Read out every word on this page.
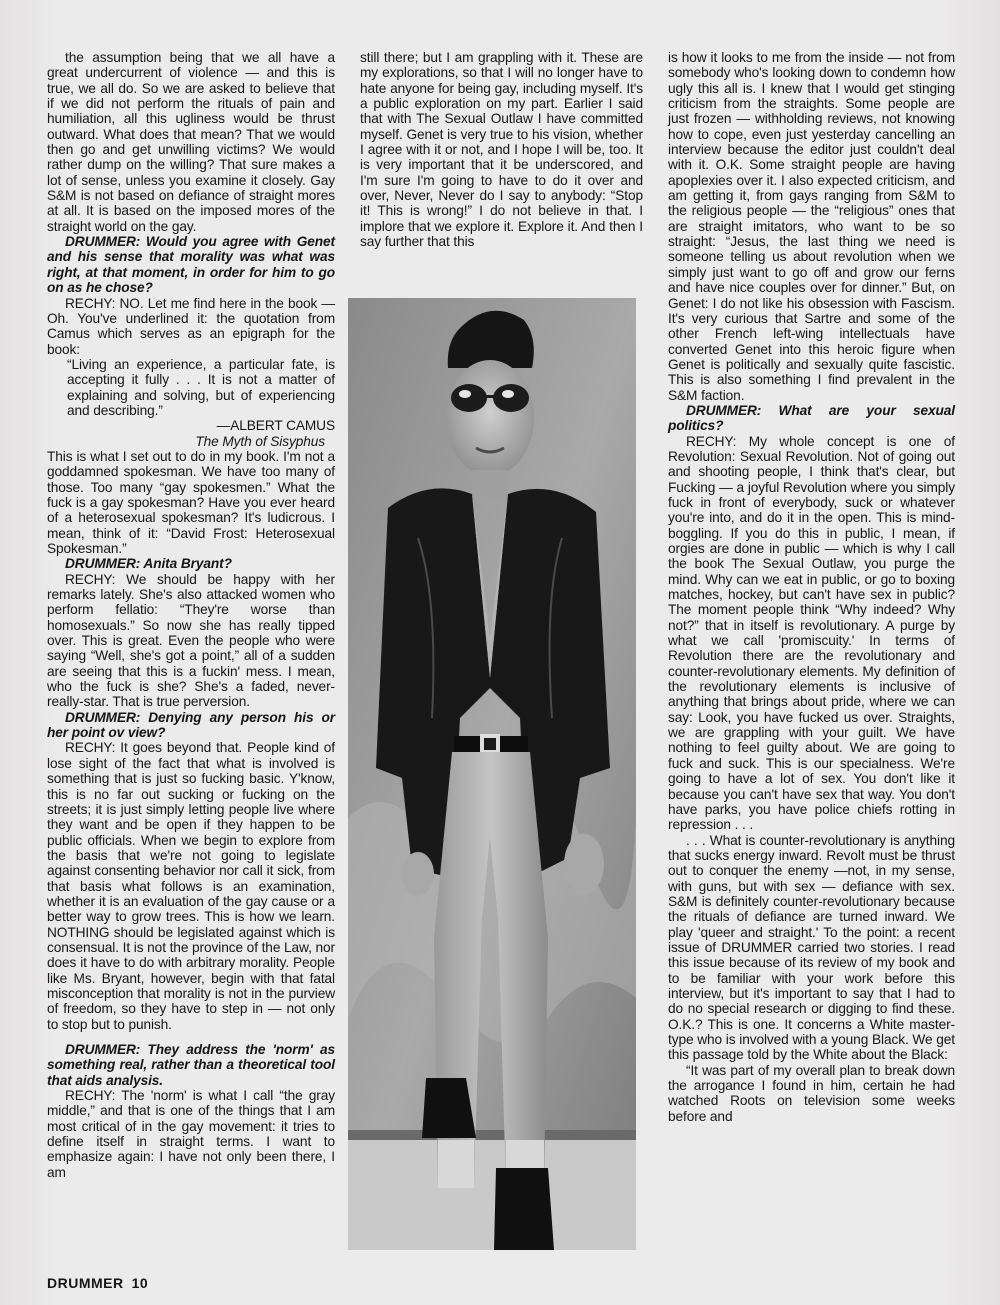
the assumption being that we all have a great undercurrent of violence — and this is true, we all do. So we are asked to believe that if we did not perform the rituals of pain and humiliation, all this ugliness would be thrust outward. What does that mean? That we would then go and get unwilling victims? We would rather dump on the willing? That sure makes a lot of sense, unless you examine it closely. Gay S&M is not based on defiance of straight mores at all. It is based on the imposed mores of the straight world on the gay.

DRUMMER: Would you agree with Genet and his sense that morality was what was right, at that moment, in order for him to go on as he chose?

RECHY: NO. Let me find here in the book — Oh. You've underlined it: the quotation from Camus which serves as an epigraph for the book:

“Living an experience, a particular fate, is accepting it fully . . . It is not a matter of explaining and solving, but of experiencing and describing.”

—ALBERT CAMUS

The Myth of Sisyphus

This is what I set out to do in my book. I'm not a goddamned spokesman. We have too many of those. Too many “gay spokesmen.” What the fuck is a gay spokesman? Have you ever heard of a heterosexual spokesman? It's ludicrous. I mean, think of it: “David Frost: Heterosexual Spokesman.”

DRUMMER: Anita Bryant?

RECHY: We should be happy with her remarks lately. She's also attacked women who perform fellatio: “They're worse than homosexuals.” So now she has really tipped over. This is great. Even the people who were saying “Well, she's got a point,” all of a sudden are seeing that this is a fuckin' mess. I mean, who the fuck is she? She's a faded, never-really-star. That is true perversion.

DRUMMER: Denying any person his or her point ov view?

RECHY: It goes beyond that. People kind of lose sight of the fact that what is involved is something that is just so fucking basic. Y'know, this is no far out sucking or fucking on the streets; it is just simply letting people live where they want and be open if they happen to be public officials. When we begin to explore from the basis that we're not going to legislate against consenting behavior nor call it sick, from that basis what follows is an examination, whether it is an evaluation of the gay cause or a better way to grow trees. This is how we learn. NOTHING should be legislated against which is consensual. It is not the province of the Law, nor does it have to do with arbitrary morality. People like Ms. Bryant, however, begin with that fatal misconception that morality is not in the purview of freedom, so they have to step in — not only to stop but to punish.

DRUMMER: They address the 'norm' as something real, rather than a theoretical tool that aids analysis.

RECHY: The 'norm' is what I call “the gray middle,” and that is one of the things that I am most critical of in the gay movement: it tries to define itself in straight terms. I want to emphasize again: I have not only been there, I am

still there; but I am grappling with it. These are my explorations, so that I will no longer have to hate anyone for being gay, including myself. It's a public exploration on my part. Earlier I said that with The Sexual Outlaw I have committed myself. Genet is very true to his vision, whether I agree with it or not, and I hope I will be, too. It is very important that it be underscored, and I'm sure I'm going to have to do it over and over, Never, Never do I say to anybody: “Stop it! This is wrong!” I do not believe in that. I implore that we explore it. Explore it. And then I say further that this

is how it looks to me from the inside — not from somebody who's looking down to condemn how ugly this all is. I knew that I would get stinging criticism from the straights. Some people are just frozen — withholding reviews, not knowing how to cope, even just yesterday cancelling an interview because the editor just couldn't deal with it. O.K. Some straight people are having apoplexies over it. I also expected criticism, and am getting it, from gays ranging from S&M to the religious people — the “religious” ones that are straight imitators, who want to be so straight: “Jesus, the last thing we need is someone telling us about revolution when we simply just want to go off and grow our ferns and have nice couples over for dinner.” But, on Genet: I do not like his obsession with Fascism. It's very curious that Sartre and some of the other French left-wing intellectuals have converted Genet into this heroic figure when Genet is politically and sexually quite fascistic. This is also something I find prevalent in the S&M faction.

DRUMMER: What are your sexual politics?

RECHY: My whole concept is one of Revolution: Sexual Revolution. Not of going out and shooting people, I think that's clear, but Fucking — a joyful Revolution where you simply fuck in front of everybody, suck or whatever you're into, and do it in the open. This is mind-boggling. If you do this in public, I mean, if orgies are done in public — which is why I call the book The Sexual Outlaw, you purge the mind. Why can we eat in public, or go to boxing matches, hockey, but can't have sex in public? The moment people think “Why indeed? Why not?” that in itself is revolutionary. A purge by what we call 'promiscuity.' In terms of Revolution there are the revolutionary and counter-revolutionary elements. My definition of the revolutionary elements is inclusive of anything that brings about pride, where we can say: Look, you have fucked us over. Straights, we are grappling with your guilt. We have nothing to feel guilty about. We are going to fuck and suck. This is our specialness. We're going to have a lot of sex. You don't like it because you can't have sex that way. You don't have parks, you have police chiefs rotting in repression . . .

. . . What is counter-revolutionary is anything that sucks energy inward. Revolt must be thrust out to conquer the enemy —not, in my sense, with guns, but with sex — defiance with sex. S&M is definitely counter-revolutionary because the rituals of defiance are turned inward. We play 'queer and straight.' To the point: a recent issue of DRUMMER carried two stories. I read this issue because of its review of my book and to be familiar with your work before this interview, but it's important to say that I had to do no special research or digging to find these. O.K.? This is one. It concerns a White master-type who is involved with a young Black. We get this passage told by the White about the Black:

“It was part of my overall plan to break down the arrogance I found in him, certain he had watched Roots on television some weeks before and

DRUMMER 10
